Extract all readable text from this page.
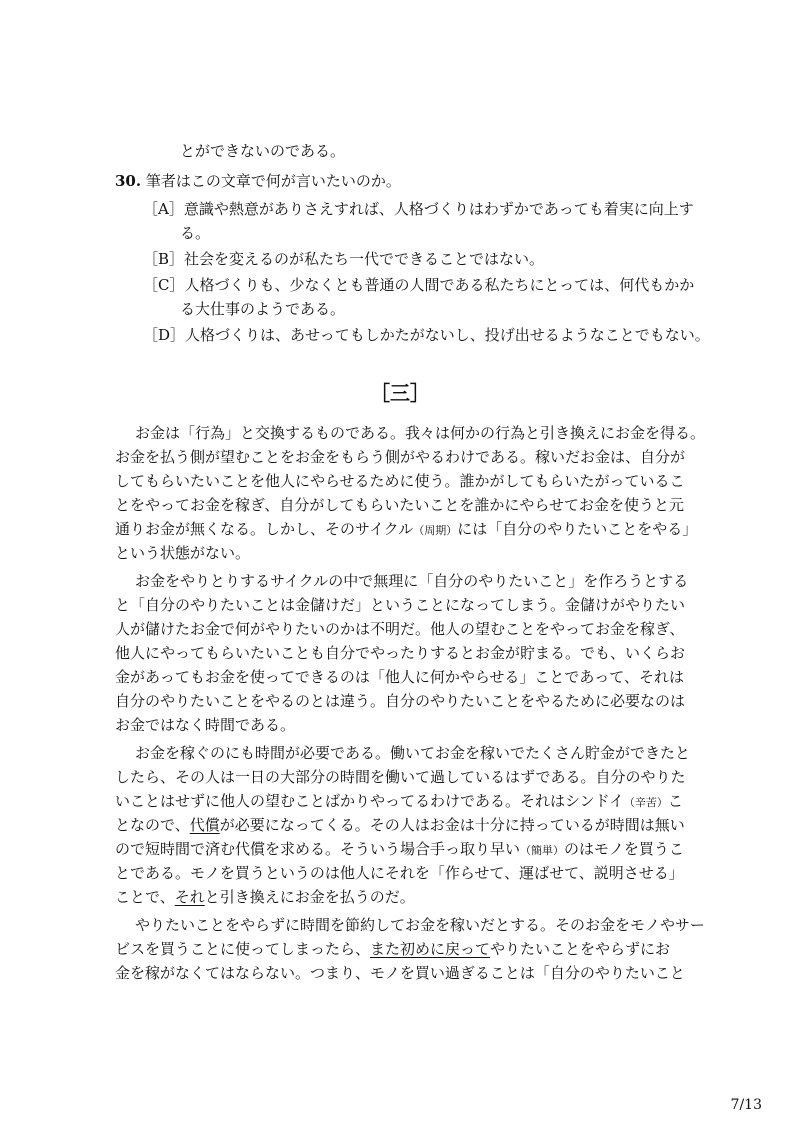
とができないのである。
30. 筆者はこの文章で何が言いたいのか。
［A］意識や熱意がありさえすれば、人格づくりはわずかであっても着実に向上す
る。
［B］社会を変えるのが私たち一代でできることではない。
［C］人格づくりも、少なくとも普通の人間である私たちにとっては、何代もかか
る大仕事のようである。
［D］人格づくりは、あせってもしかたがないし、投げ出せるようなことでもない。
［三］
お金は「行為」と交換するものである。我々は何かの行為と引き換えにお金を得る。
お金を払う側が望むことをお金をもらう側がやるわけである。稼いだお金は、自分が
してもらいたいことを他人にやらせるために使う。誰かがしてもらいたがっているこ
とをやってお金を稼ぎ、自分がしてもらいたいことを誰かにやらせてお金を使うと元
通りお金が無くなる。しかし、そのサイクル（周期）には「自分のやりたいことをやる」
という状態がない。
お金をやりとりするサイクルの中で無理に「自分のやりたいこと」を作ろうとする
と「自分のやりたいことは金儲けだ」ということになってしまう。金儲けがやりたい
人が儲けたお金で何がやりたいのかは不明だ。他人の望むことをやってお金を稼ぎ、
他人にやってもらいたいことも自分でやったりするとお金が貯まる。でも、いくらお
金があってもお金を使ってできるのは「他人に何かやらせる」ことであって、それは
自分のやりたいことをやるのとは違う。自分のやりたいことをやるために必要なのは
お金ではなく時間である。
お金を稼ぐのにも時間が必要である。働いてお金を稼いでたくさん貯金ができたと
したら、その人は一日の大部分の時間を働いて過しているはずである。自分のやりた
いことはせずに他人の望むことばかりやってるわけである。それはシンドイ（辛苦）こ
となので、代償が必要になってくる。その人はお金は十分に持っているが時間は無い
ので短時間で済む代償を求める。そういう場合手っ取り早い（簡単）のはモノを買うこ
とである。モノを買うというのは他人にそれを「作らせて、運ばせて、説明させる」
ことで、それと引き換えにお金を払うのだ。
やりたいことをやらずに時間を節約してお金を稼いだとする。そのお金をモノやサー
ビスを買うことに使ってしまったら、また初めに戻ってやりたいことをやらずにお
金を稼がなくてはならない。つまり、モノを買い過ぎることは「自分のやりたいこと
7/13
